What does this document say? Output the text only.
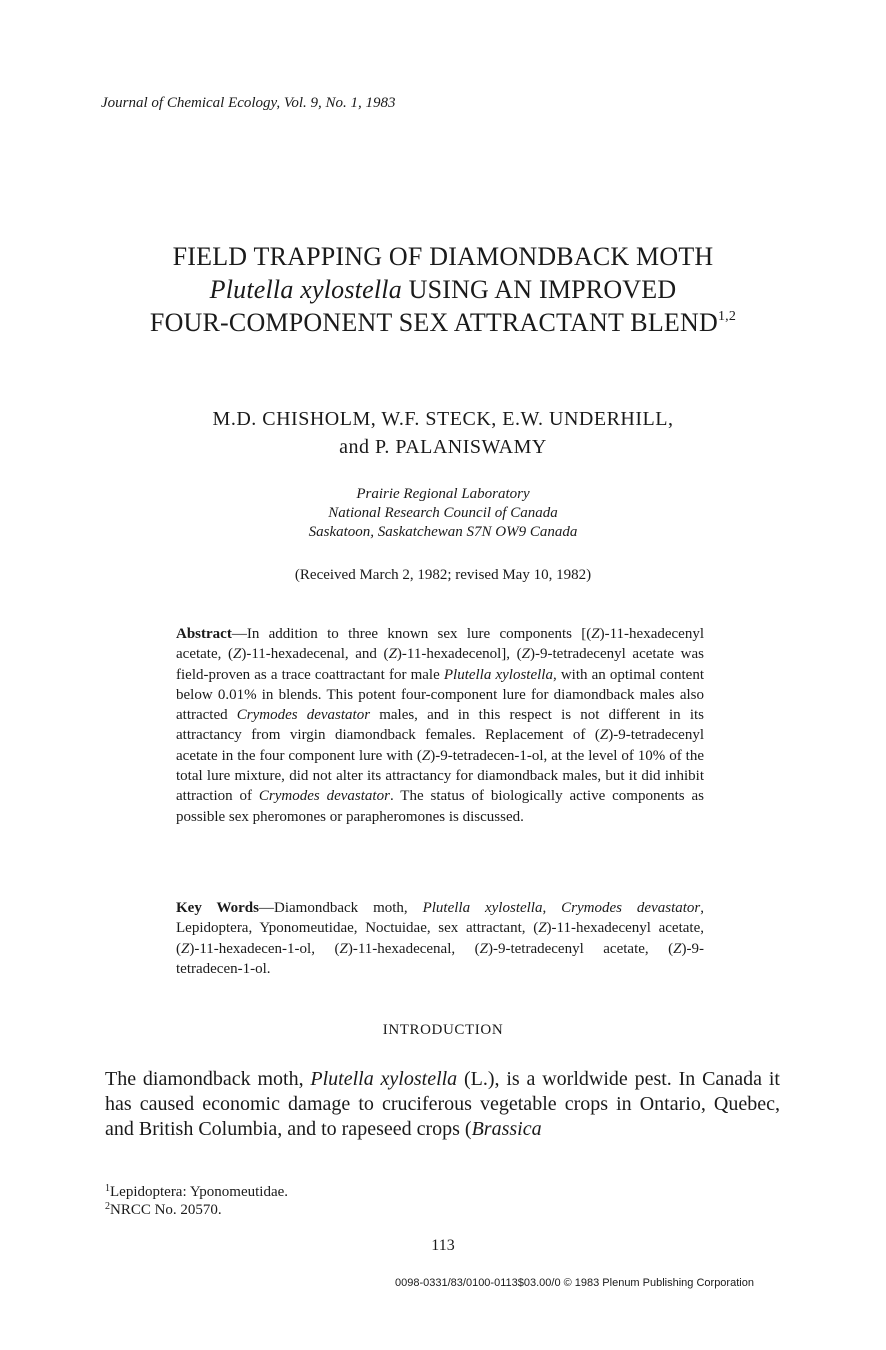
Journal of Chemical Ecology, Vol. 9, No. 1, 1983
FIELD TRAPPING OF DIAMONDBACK MOTH
Plutella xylostella USING AN IMPROVED
FOUR-COMPONENT SEX ATTRACTANT BLEND$^{1,2}$
M.D. CHISHOLM, W.F. STECK, E.W. UNDERHILL,
and P. PALANISWAMY
Prairie Regional Laboratory
National Research Council of Canada
Saskatoon, Saskatchewan S7N OW9 Canada
(Received March 2, 1982; revised May 10, 1982)
Abstract—In addition to three known sex lure components [(Z)-11-hexadecenyl acetate, (Z)-11-hexadecenal, and (Z)-11-hexadecenol], (Z)-9-tetradecenyl acetate was field-proven as a trace coattractant for male Plutella xylostella, with an optimal content below 0.01% in blends. This potent four-component lure for diamondback males also attracted Crymodes devastator males, and in this respect is not different in its attractancy from virgin diamondback females. Replacement of (Z)-9-tetradecenyl acetate in the four component lure with (Z)-9-tetradecen-1-ol, at the level of 10% of the total lure mixture, did not alter its attractancy for diamondback males, but it did inhibit attraction of Crymodes devastator. The status of biologically active components as possible sex pheromones or parapheromones is discussed.
Key Words—Diamondback moth, Plutella xylostella, Crymodes devastator, Lepidoptera, Yponomeutidae, Noctuidae, sex attractant, (Z)-11-hexadecenyl acetate, (Z)-11-hexadecen-1-ol, (Z)-11-hexadecenal, (Z)-9-tetradecenyl acetate, (Z)-9-tetradecen-1-ol.
INTRODUCTION
The diamondback moth, Plutella xylostella (L.), is a worldwide pest. In Canada it has caused economic damage to cruciferous vegetable crops in Ontario, Quebec, and British Columbia, and to rapeseed crops (Brassica
$^1$Lepidoptera: Yponomeutidae.
$^2$NRCC No. 20570.
113
0098-0331/83/0100-0113$03.00/0 © 1983 Plenum Publishing Corporation
